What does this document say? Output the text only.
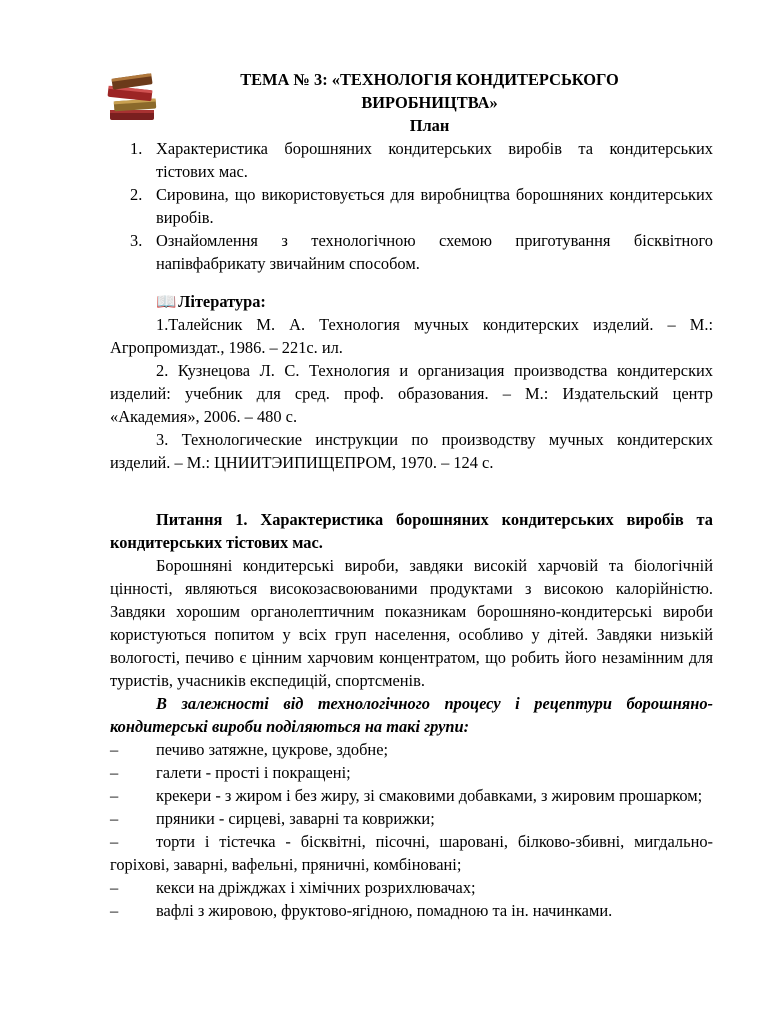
ТЕМА № 3: «ТЕХНОЛОГІЯ КОНДИТЕРСЬКОГО
ВИРОБНИЦТВА»
План
1. Характеристика борошняних кондитерських виробів та кондитерських тістових мас.
2. Сировина, що використовується для виробництва борошняних кондитерських виробів.
3. Ознайомлення з технологічною схемою приготування бісквітного напівфабрикату звичайним способом.
📖 Література:

1.Талейсник М. А. Технология мучных кондитерских изделий. – М.: Агропромиздат., 1986. – 221с. ил.

2. Кузнецова Л. С. Технология и организация производства кондитерских изделий: учебник для сред. проф. образования. – М.: Издательский центр «Академия», 2006. – 480 с.

3. Технологические инструкции по производству мучных кондитерских изделий. – М.: ЦНИИТЭИПИЩЕПРОМ, 1970. – 124 с.

Питання 1. Характеристика борошняних кондитерських виробів та кондитерських тістових мас.

Борошняні кондитерські вироби, завдяки високій харчовій та біологічній цінності, являються високозасвоюваними продуктами з високою калорійністю. Завдяки хорошим органолептичним показникам борошняно-кондитерські вироби користуються попитом у всіх груп населення, особливо у дітей. Завдяки низькій вологості, печиво є цінним харчовим концентратом, що робить його незамінним для туристів, учасників експедицій, спортсменів.

В залежності від технологічного процесу і рецептури борошняно-кондитерські вироби поділяються на такі групи:

– печиво затяжне, цукрове, здобне;

– галети - прості і покращені;

– крекери - з жиром і без жиру, зі смаковими добавками, з жировим прошарком;

– пряники - сирцеві, заварні та коврижки;

– торти і тістечка - бісквітні, пісочні, шаровані, білково-збивні, мигдально-горіхові, заварні, вафельні, пряничні, комбіновані;

– кекси на дріжджах і хімічних розрихлювачах;

– вафлі з жировою, фруктово-ягідною, помадною та ін. начинками.
